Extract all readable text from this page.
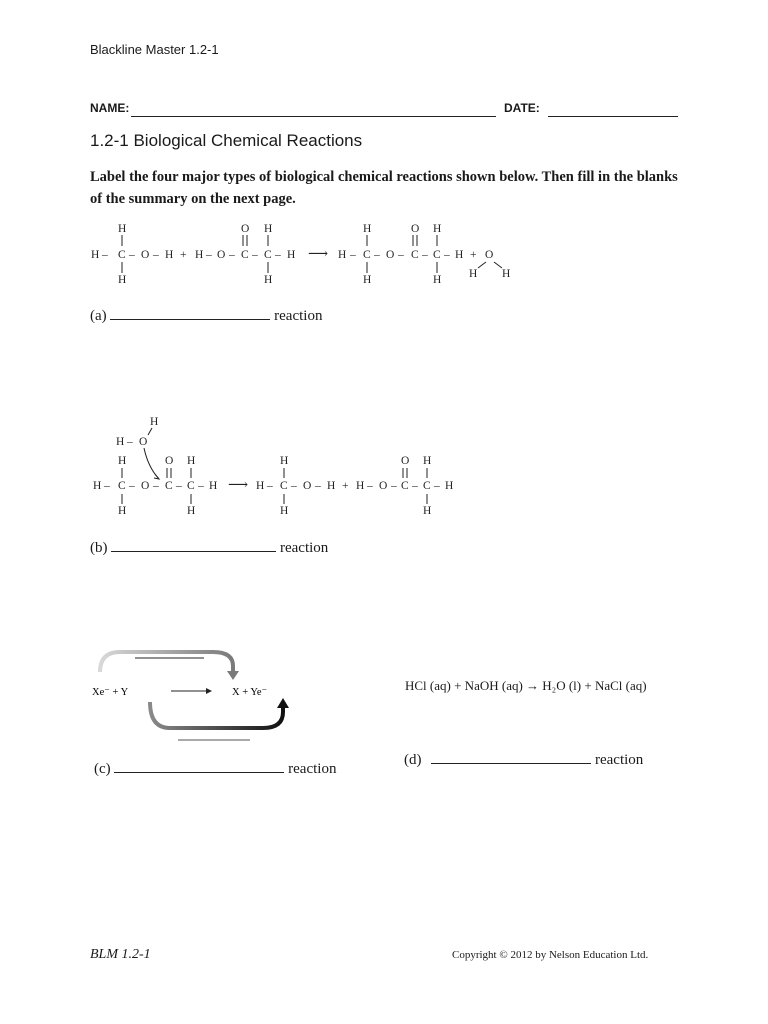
Blackline Master 1.2-1
NAME:	DATE:
1.2-1 Biological Chemical Reactions
Label the four major types of biological chemical reactions shown below. Then fill in the blanks of the summary on the next page.
H
H – C – O – H
H
+ H – O –
O
C –
H
C – H
H
⟶
H
H – C – O –
H
O
C –
H
C – H
H
+ O
H H
(a)	reaction
H
H – O
H
H – C – O –
H
O
C –
H
C – H
H
⟶
H
H – C – O – H
H
+ H – O –
O
C –
H
C – H
H
(b)	reaction
Xe⁻ + Y	X + Ye⁻
(c)	reaction
HCl (aq) + NaOH (aq) → H₂O (l) + NaCl (aq)
(d)	reaction
BLM 1.2-1	Copyright © 2012 by Nelson Education Ltd.
